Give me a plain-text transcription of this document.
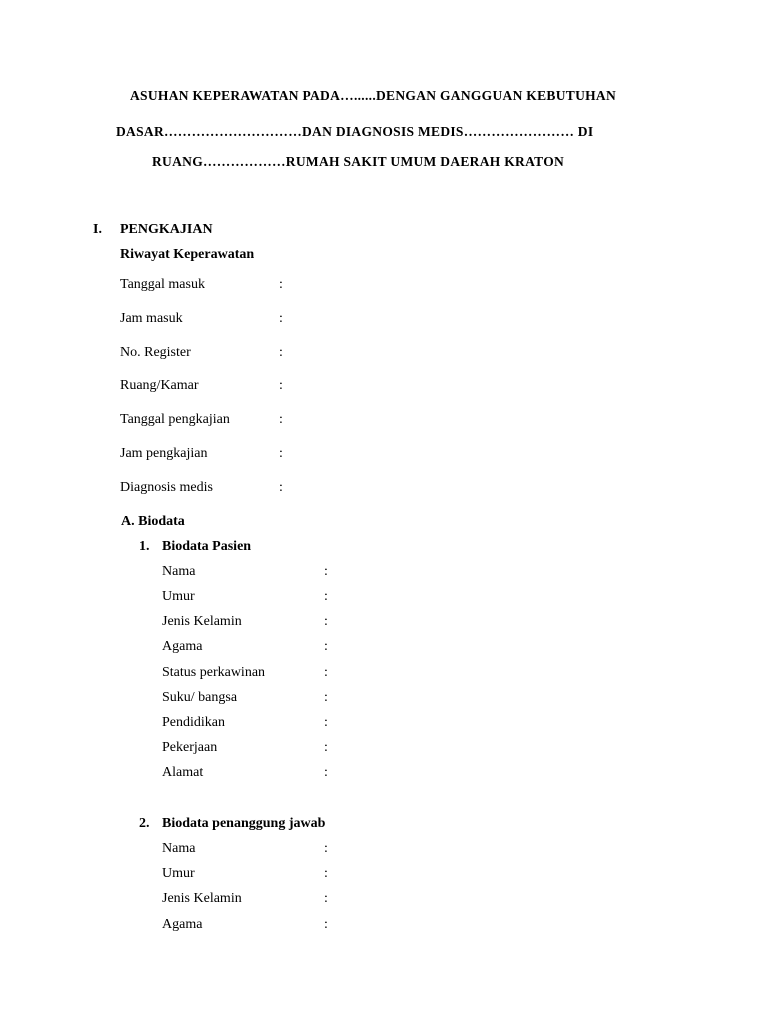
ASUHAN KEPERAWATAN PADA…......DENGAN GANGGUAN KEBUTUHAN
DASAR…………………………DAN DIAGNOSIS MEDIS…………………… DI
RUANG………………RUMAH SAKIT UMUM DAERAH KRATON
I. PENGKAJIAN
Riwayat Keperawatan
Tanggal masuk	:
Jam masuk	:
No. Register	:
Ruang/Kamar	:
Tanggal pengkajian	:
Jam pengkajian	:
Diagnosis medis	:
A. Biodata
1. Biodata Pasien
Nama	:
Umur	:
Jenis Kelamin	:
Agama	:
Status perkawinan	:
Suku/ bangsa	:
Pendidikan	:
Pekerjaan	:
Alamat	:
2. Biodata penanggung jawab
Nama	:
Umur	:
Jenis Kelamin	:
Agama	:
